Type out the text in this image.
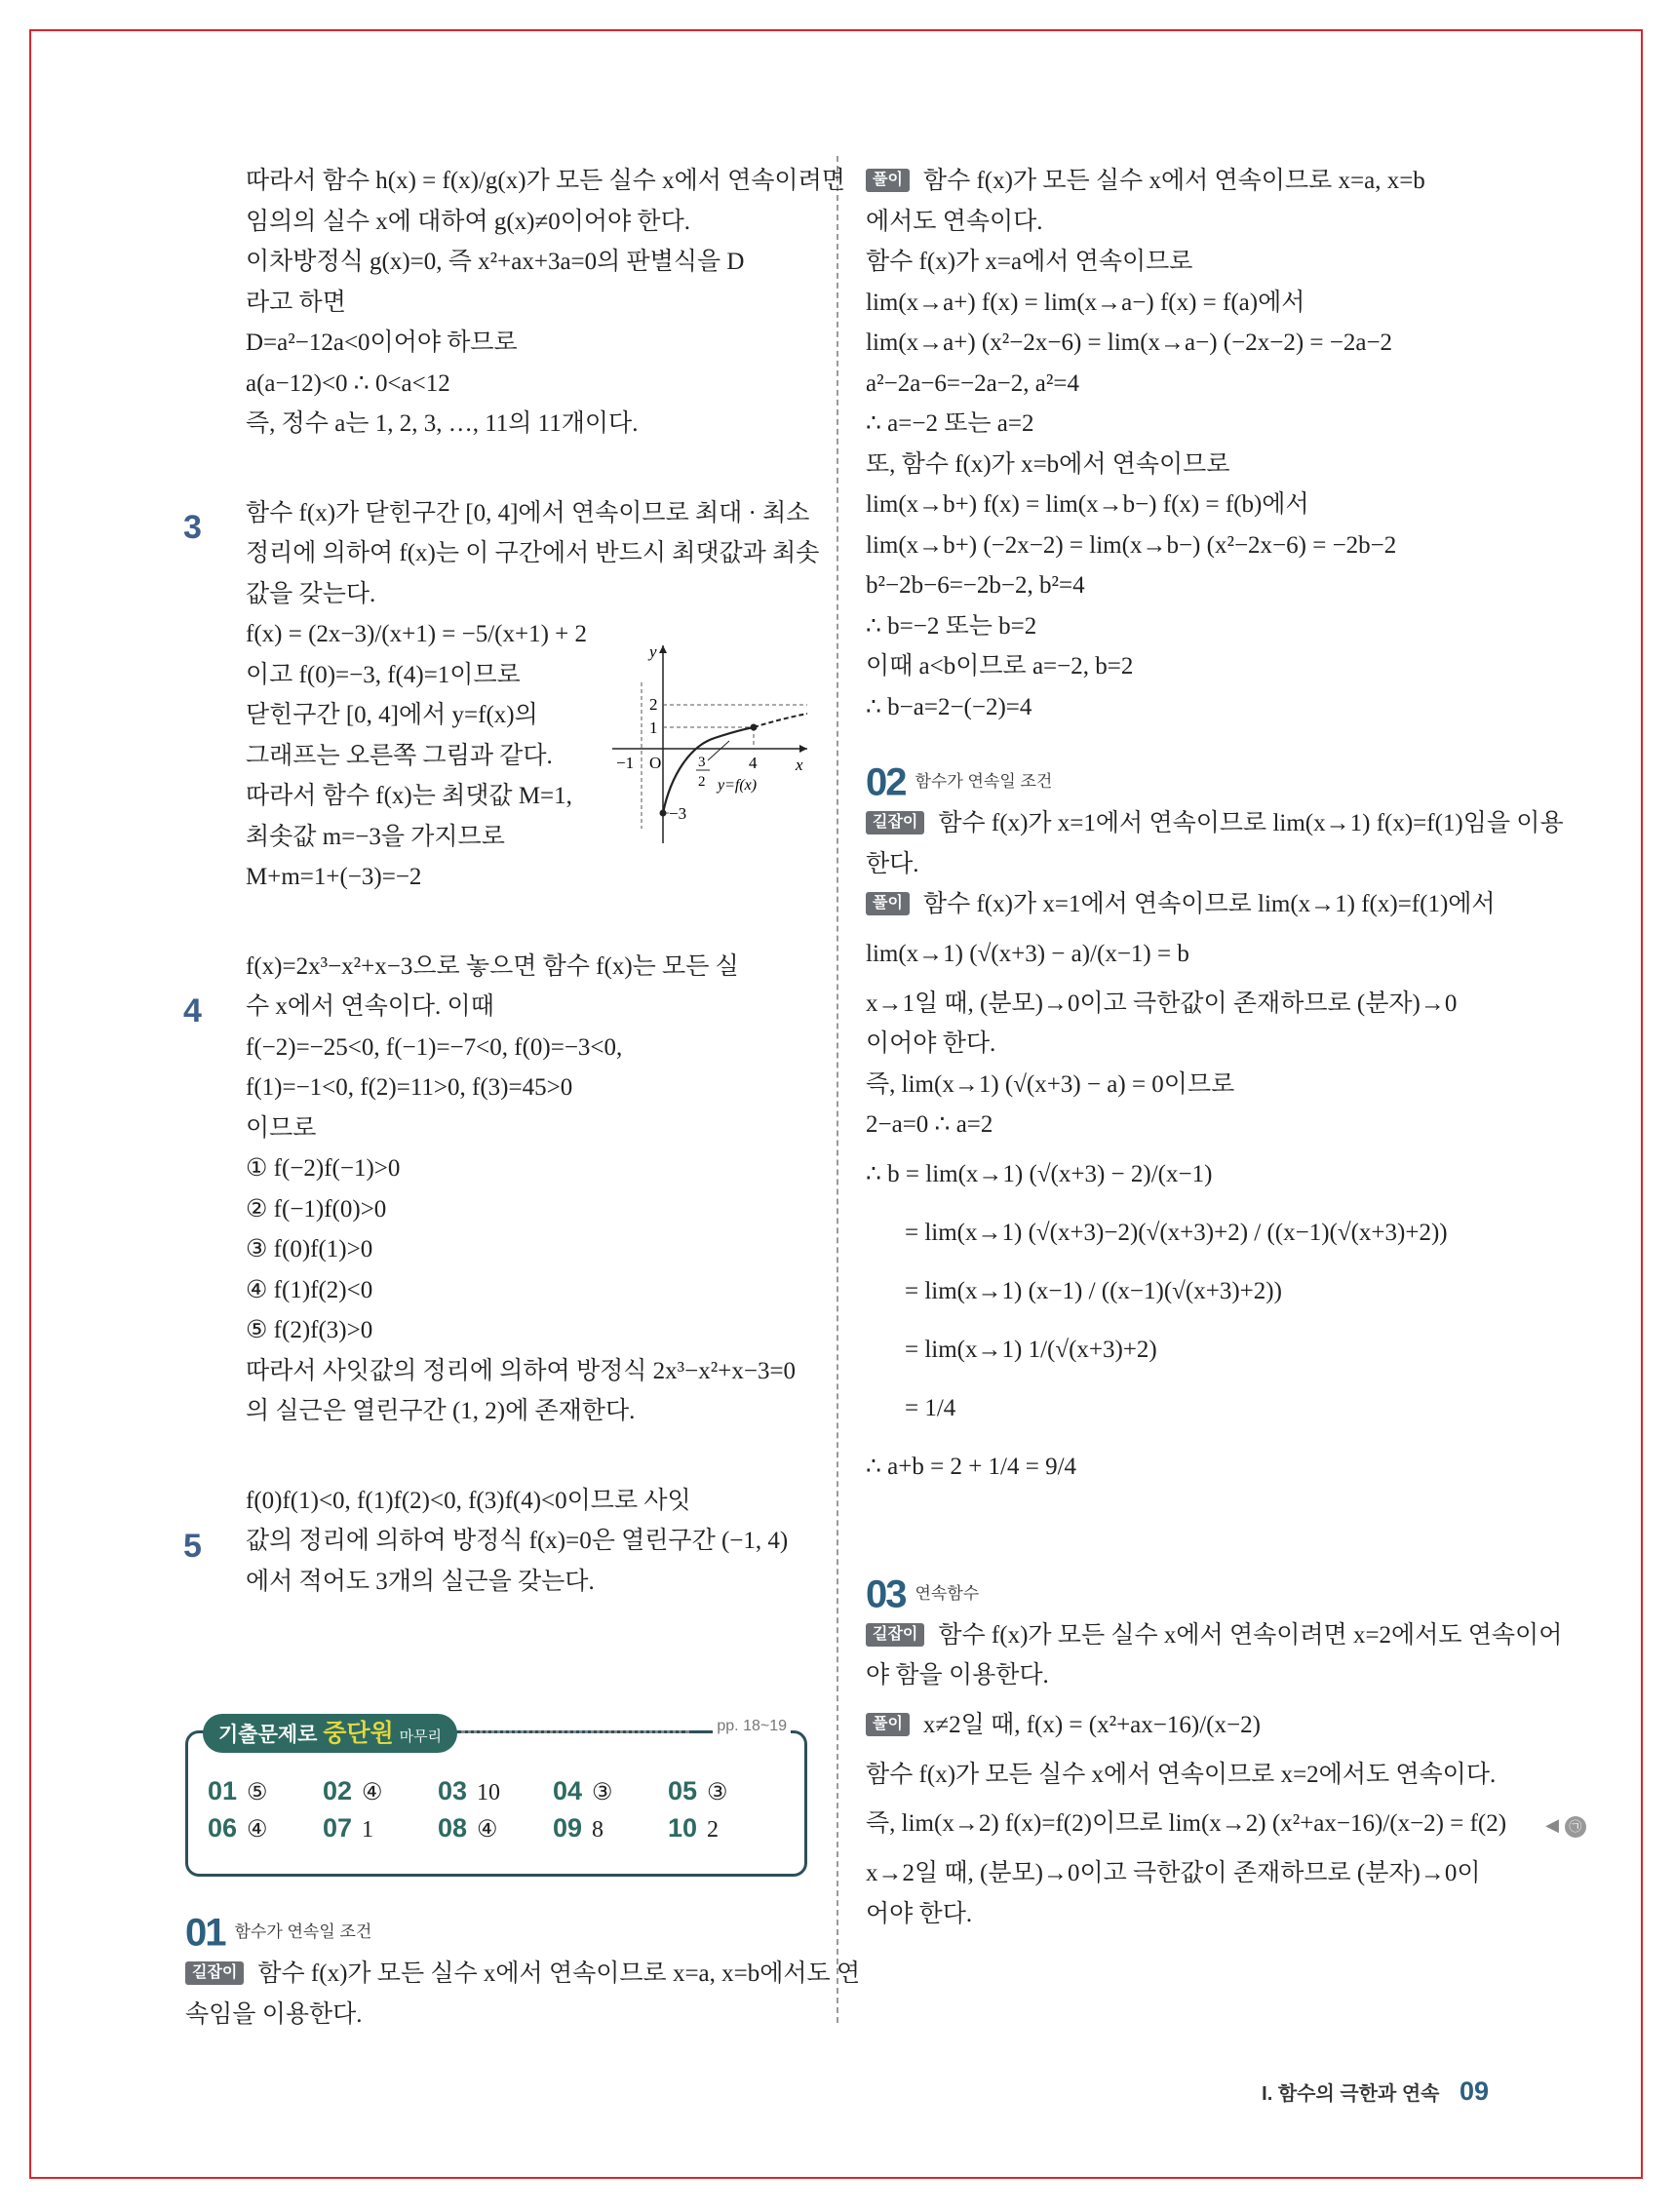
따라서 함수 h(x) = f(x)/g(x)가 모든 실수 x에서 연속이려면
임의의 실수 x에 대하여 g(x)≠0이어야 한다.
이차방정식 g(x)=0, 즉 x²+ax+3a=0의 판별식을 D
라고 하면
D=a²−12a<0이어야 하므로
a(a−12)<0 ∴ 0<a<12
즉, 정수 a는 1, 2, 3, …, 11의 11개이다.
함수 f(x)가 닫힌구간 [0, 4]에서 연속이므로 최대 · 최소
정리에 의하여 f(x)는 이 구간에서 반드시 최댓값과 최솟
값을 갖는다.
f(x) = (2x−3)/(x+1) = −5/(x+1) + 2
이고 f(0)=−3, f(4)=1이므로
닫힌구간 [0, 4]에서 y=f(x)의
그래프는 오른쪽 그림과 같다.
따라서 함수 f(x)는 최댓값 M=1,
최솟값 m=−3을 가지므로
M+m=1+(−3)=−2
f(x)=2x³−x²+x−3으로 놓으면 함수 f(x)는 모든 실
수 x에서 연속이다. 이때
f(−2)=−25<0, f(−1)=−7<0, f(0)=−3<0,
f(1)=−1<0, f(2)=11>0, f(3)=45>0
이므로
① f(−2)f(−1)>0
② f(−1)f(0)>0
③ f(0)f(1)>0
④ f(1)f(2)<0
⑤ f(2)f(3)>0
따라서 사잇값의 정리에 의하여 방정식 2x³−x²+x−3=0
의 실근은 열린구간 (1, 2)에 존재한다.
f(0)f(1)<0, f(1)f(2)<0, f(3)f(4)<0이므로 사잇
값의 정리에 의하여 방정식 f(x)=0은 열린구간 (−1, 4)
에서 적어도 3개의 실근을 갖는다.
3
4
5
y
x
2
1
O
−1	3
2
4
−3
y=f(x)
기출문제로 중단원 마무리
pp. 18~19
01 ⑤ 02 ④ 03 10 04 ③ 05 ③
06 ④ 07 1 08 ④ 09 8 10 2
01 함수가 연속일 조건
길잡이 함수 f(x)가 모든 실수 x에서 연속이므로 x=a, x=b에서도 연
속임을 이용한다.
풀이 함수 f(x)가 모든 실수 x에서 연속이므로 x=a, x=b
에서도 연속이다.
함수 f(x)가 x=a에서 연속이므로
lim(x→a+) f(x) = lim(x→a−) f(x) = f(a)에서
lim(x→a+) (x²−2x−6) = lim(x→a−) (−2x−2) = −2a−2
a²−2a−6=−2a−2, a²=4
∴ a=−2 또는 a=2
또, 함수 f(x)가 x=b에서 연속이므로
lim(x→b+) f(x) = lim(x→b−) f(x) = f(b)에서
lim(x→b+) (−2x−2) = lim(x→b−) (x²−2x−6) = −2b−2
b²−2b−6=−2b−2, b²=4
∴ b=−2 또는 b=2
이때 a<b이므로 a=−2, b=2
∴ b−a=2−(−2)=4
02 함수가 연속일 조건
길잡이 함수 f(x)가 x=1에서 연속이므로 lim(x→1) f(x)=f(1)임을 이용
한다.
풀이 함수 f(x)가 x=1에서 연속이므로 lim(x→1) f(x)=f(1)에서
lim(x→1) (√(x+3) − a)/(x−1) = b
x→1일 때, (분모)→0이고 극한값이 존재하므로 (분자)→0
이어야 한다.
즉, lim(x→1) (√(x+3) − a) = 0이므로
2−a=0 ∴ a=2
∴ b = lim(x→1) (√(x+3) − 2)/(x−1)
= lim(x→1) (√(x+3)−2)(√(x+3)+2) / ((x−1)(√(x+3)+2))
= lim(x→1) (x−1) / ((x−1)(√(x+3)+2))
= lim(x→1) 1/(√(x+3)+2)
= 1/4
∴ a+b = 2 + 1/4 = 9/4
03 연속함수
길잡이 함수 f(x)가 모든 실수 x에서 연속이려면 x=2에서도 연속이어
야 함을 이용한다.
풀이 x≠2일 때, f(x) = (x²+ax−16)/(x−2)
함수 f(x)가 모든 실수 x에서 연속이므로 x=2에서도 연속이다.
즉, lim(x→2) f(x)=f(2)이므로 lim(x→2) (x²+ax−16)/(x−2) = f(2) ◀ ㉠
x→2일 때, (분모)→0이고 극한값이 존재하므로 (분자)→0이
어야 한다.
I. 함수의 극한과 연속 09
